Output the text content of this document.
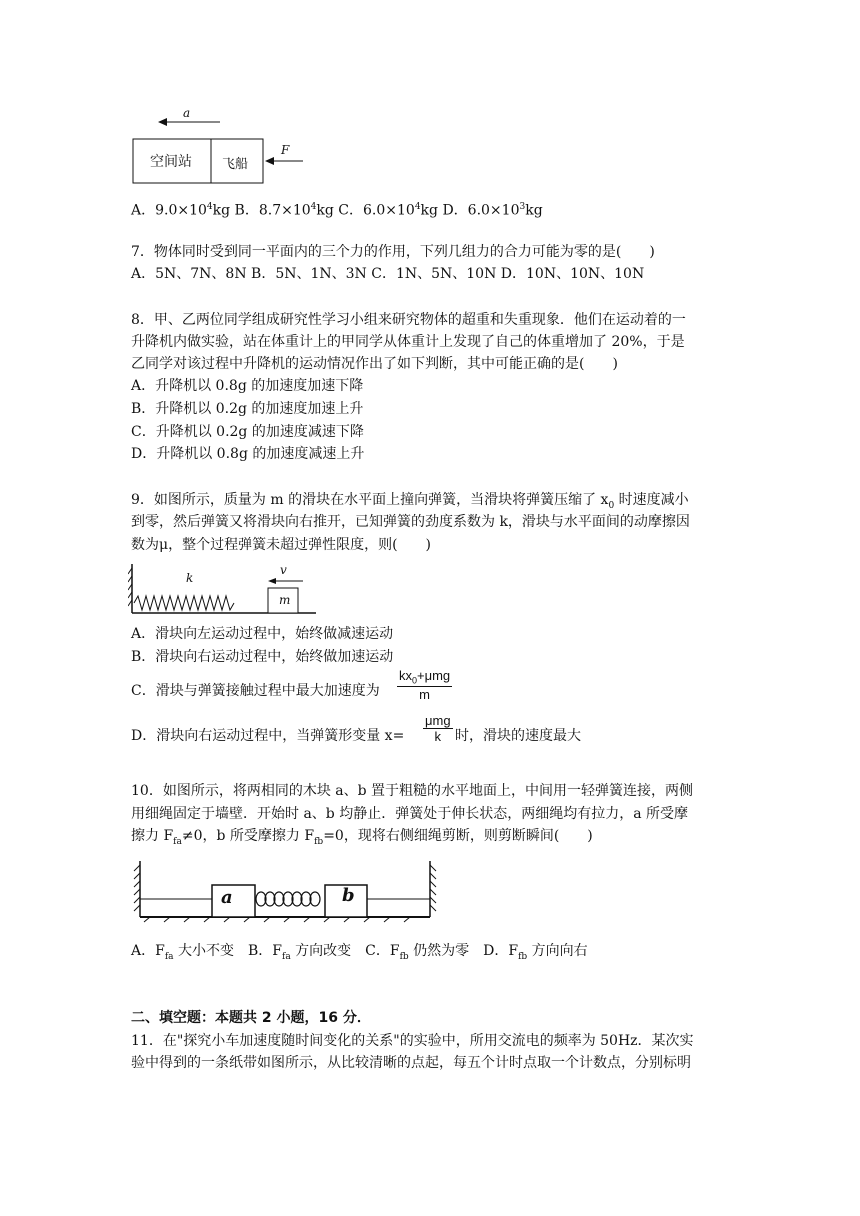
a
空间站 飞船
F
A．$9.0\times 10^4kg$ B．$8.7\times 10^4kg$ C．$6.0\times 10^4kg$ D．$6.0\times 10^3kg$
7．物体同时受到同一平面内的三个力的作用，下列几组力的合力可能为零的是(　　)
A．5N、7N、8N B．5N、1N、3N C．1N、5N、10N D．10N、10N、10N
8．甲、乙两位同学组成研究性学习小组来研究物体的超重和失重现象．他们在运动着的一
升降机内做实验，站在体重计上的甲同学从体重计上发现了自己的体重增加了 20%，于是
乙同学对该过程中升降机的运动情况作出了如下判断，其中可能正确的是(　　)
A．升降机以 0.8g 的加速度加速下降
B．升降机以 0.2g 的加速度加速上升
C．升降机以 0.2g 的加速度减速下降
D．升降机以 0.8g 的加速度减速上升
9．如图所示，质量为 m 的滑块在水平面上撞向弹簧，当滑块将弹簧压缩了 $x_0$ 时速度减小
到零，然后弹簧又将滑块向右推开，已知弹簧的劲度系数为 k，滑块与水平面间的动摩擦因
数为μ，整个过程弹簧未超过弹性限度，则(　　)
k
v
m
A．滑块向左运动过程中，始终做减速运动
B．滑块向右运动过程中，始终做加速运动
C．滑块与弹簧接触过程中最大加速度为
$kx_0+\mu mg$
m
D．滑块向右运动过程中，当弹簧形变量 x=
μmg
k 时，滑块的速度最大
10．如图所示，将两相同的木块 a、b 置于粗糙的水平地面上，中间用一轻弹簧连接，两侧
用细绳固定于墙壁．开始时 a、b 均静止．弹簧处于伸长状态，两细绳均有拉力，a 所受摩
擦力 $F_{fa}\ne 0$，b 所受摩擦力 $F_{fb}=0$，现将右侧细绳剪断，则剪断瞬间(　　)
a	b
A．$F_{fa}$ 大小不变　B．$F_{fa}$ 方向改变　C．$F_{fb}$ 仍然为零　D．$F_{fb}$ 方向向右
二、填空题：本题共 2 小题，16 分．
11．在"探究小车加速度随时间变化的关系"的实验中，所用交流电的频率为 50Hz．某次实
验中得到的一条纸带如图所示，从比较清晰的点起，每五个计时点取一个计数点，分别标明
